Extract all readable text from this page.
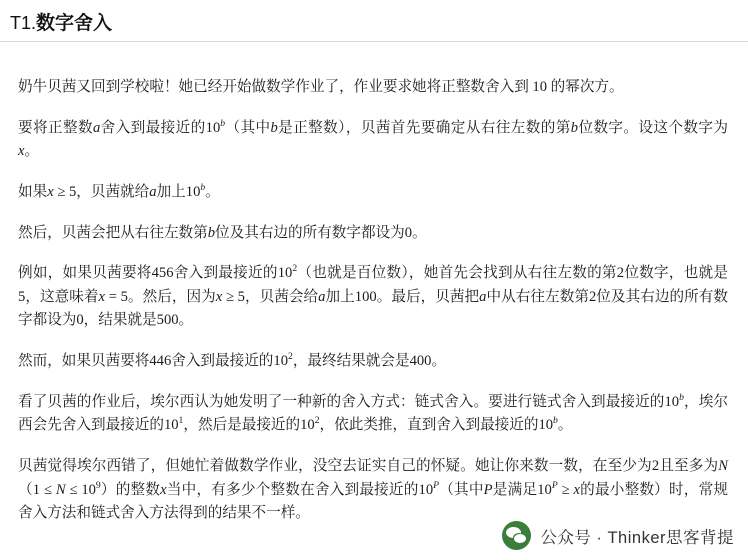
T1.数字舍入

奶牛贝茜又回到学校啦！她已经开始做数学作业了，作业要求她将正整数舍入到 10 的幂次方。

要将正整数a舍入到最接近的10$^b$（其中b是正整数），贝茜首先要确定从右往左数的第b位数字。设这个数字为x。

如果x ≥ 5，贝茜就给a加上10$^b$。

然后，贝茜会把从右往左数第b位及其右边的所有数字都设为0。

例如，如果贝茜要将456舍入到最接近的$10^2$（也就是百位数），她首先会找到从右往左数的第2位数字，也就是5，这意味着x = 5。然后，因为x ≥ 5，贝茜会给a加上100。最后，贝茜把a中从右往左数第2位及其右边的所有数字都设为0，结果就是500。

然而，如果贝茜要将446舍入到最接近的$10^2$，最终结果就会是400。

看了贝茜的作业后，埃尔西认为她发明了一种新的舍入方式：链式舍入。要进行链式舍入到最接近的10$^b$，埃尔西会先舍入到最接近的$10^1$，然后是最接近的$10^2$，依此类推，直到舍入到最接近的10$^b$。

贝茜觉得埃尔西错了，但她忙着做数学作业，没空去证实自己的怀疑。她让你来数一数，在至少为2且至多为$N(1 \le N \le 10^9)$的整数x当中，有多少个整数在舍入到最接近的$10^P$（其中P是满足$10^P \ge x$的最小整数）时，常规舍入方法和链式舍入方法得到的结果不一样。

公众号 · Thinker思客背提
